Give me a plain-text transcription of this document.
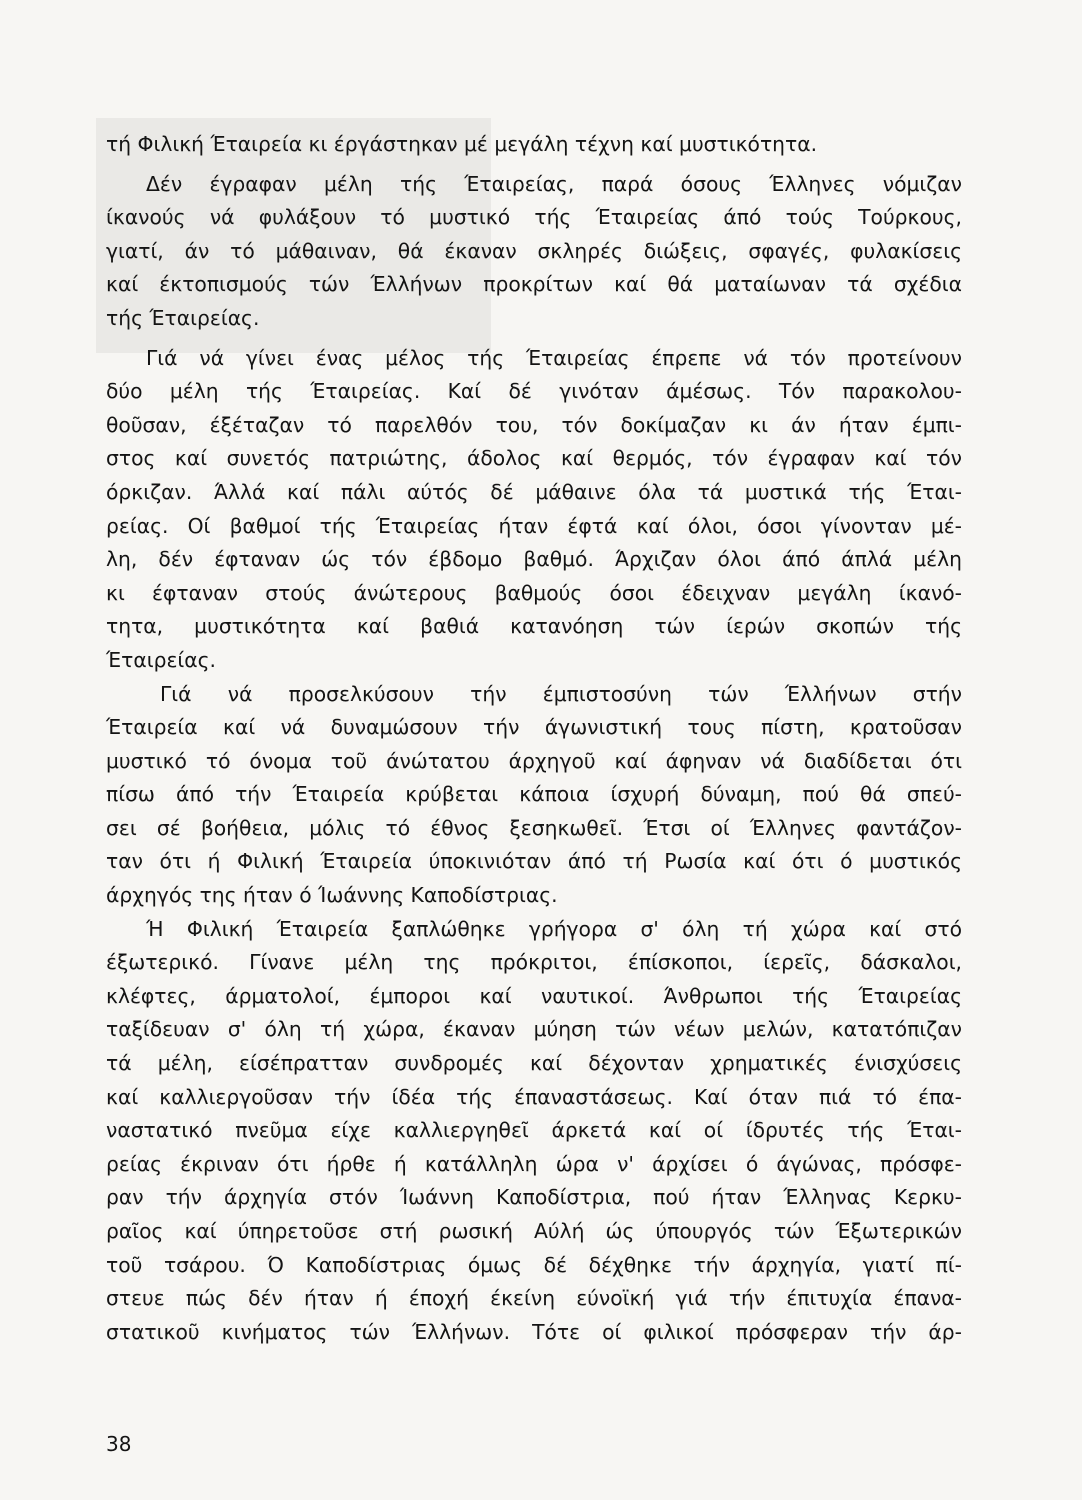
τή Φιλική Έταιρεία κι έργάστηκαν μέ μεγάλη τέχνη καί μυστικότητα.
Δέν έγραφαν μέλη τής Έταιρείας, παρά όσους Έλληνες νόμιζαν
ίκανούς νά φυλάξουν τό μυστικό τής Έταιρείας άπό τούς Τούρκους,
γιατί, άν τό μάθαιναν, θά έκαναν σκληρές διώξεις, σφαγές, φυλακίσεις
καί έκτοπισμούς τών Έλλήνων προκρίτων καί θά ματαίωναν τά σχέδια
τής Έταιρείας.
Γιά νά γίνει ένας μέλος τής Έταιρείας έπρεπε νά τόν προτείνουν
δύο μέλη τής Έταιρείας. Καί δέ γινόταν άμέσως. Τόν παρακολου-
θοῦσαν, έξέταζαν τό παρελθόν του, τόν δοκίμαζαν κι άν ήταν έμπι-
στος καί συνετός πατριώτης, άδολος καί θερμός, τόν έγραφαν καί τόν
όρκιζαν. Άλλά καί πάλι αύτός δέ μάθαινε όλα τά μυστικά τής Έται-
ρείας. Οί βαθμοί τής Έταιρείας ήταν έφτά καί όλοι, όσοι γίνονταν μέ-
λη, δέν έφταναν ώς τόν έβδομο βαθμό. Άρχιζαν όλοι άπό άπλά μέλη
κι έφταναν στούς άνώτερους βαθμούς όσοι έδειχναν μεγάλη ίκανό-
τητα, μυστικότητα καί βαθιά κατανόηση τών ίερών σκοπών τής
Έταιρείας.
Γιά νά προσελκύσουν τήν έμπιστοσύνη τών Έλλήνων στήν
Έταιρεία καί νά δυναμώσουν τήν άγωνιστική τους πίστη, κρατοῦσαν
μυστικό τό όνομα τοῦ άνώτατου άρχηγοῦ καί άφηναν νά διαδίδεται ότι
πίσω άπό τήν Έταιρεία κρύβεται κάποια ίσχυρή δύναμη, πού θά σπεύ-
σει σέ βοήθεια, μόλις τό έθνος ξεσηκωθεῖ. Έτσι οί Έλληνες φαντάζον-
ταν ότι ή Φιλική Έταιρεία ύποκινιόταν άπό τή Ρωσία καί ότι ό μυστικός
άρχηγός της ήταν ό Ίωάννης Καποδίστριας.
Ή Φιλική Έταιρεία ξαπλώθηκε γρήγορα σ' όλη τή χώρα καί στό
έξωτερικό. Γίνανε μέλη της πρόκριτοι, έπίσκοποι, ίερεῖς, δάσκαλοι,
κλέφτες, άρματολοί, έμποροι καί ναυτικοί. Άνθρωποι τής Έταιρείας
ταξίδευαν σ' όλη τή χώρα, έκαναν μύηση τών νέων μελών, κατατόπιζαν
τά μέλη, είσέπρατταν συνδρομές καί δέχονταν χρηματικές ένισχύσεις
καί καλλιεργοῦσαν τήν ίδέα τής έπαναστάσεως. Καί όταν πιά τό έπα-
ναστατικό πνεῦμα είχε καλλιεργηθεῖ άρκετά καί οί ίδρυτές τής Έται-
ρείας έκριναν ότι ήρθε ή κατάλληλη ώρα ν' άρχίσει ό άγώνας, πρόσφε-
ραν τήν άρχηγία στόν Ίωάννη Καποδίστρια, πού ήταν Έλληνας Κερκυ-
ραῖος καί ύπηρετοῦσε στή ρωσική Αύλή ώς ύπουργός τών Έξωτερικών
τοῦ τσάρου. Ό Καποδίστριας όμως δέ δέχθηκε τήν άρχηγία, γιατί πί-
στευε πώς δέν ήταν ή έποχή έκείνη εύνοϊκή γιά τήν έπιτυχία έπανα-
στατικοῦ κινήματος τών Έλλήνων. Τότε οί φιλικοί πρόσφεραν τήν άρ-
38
